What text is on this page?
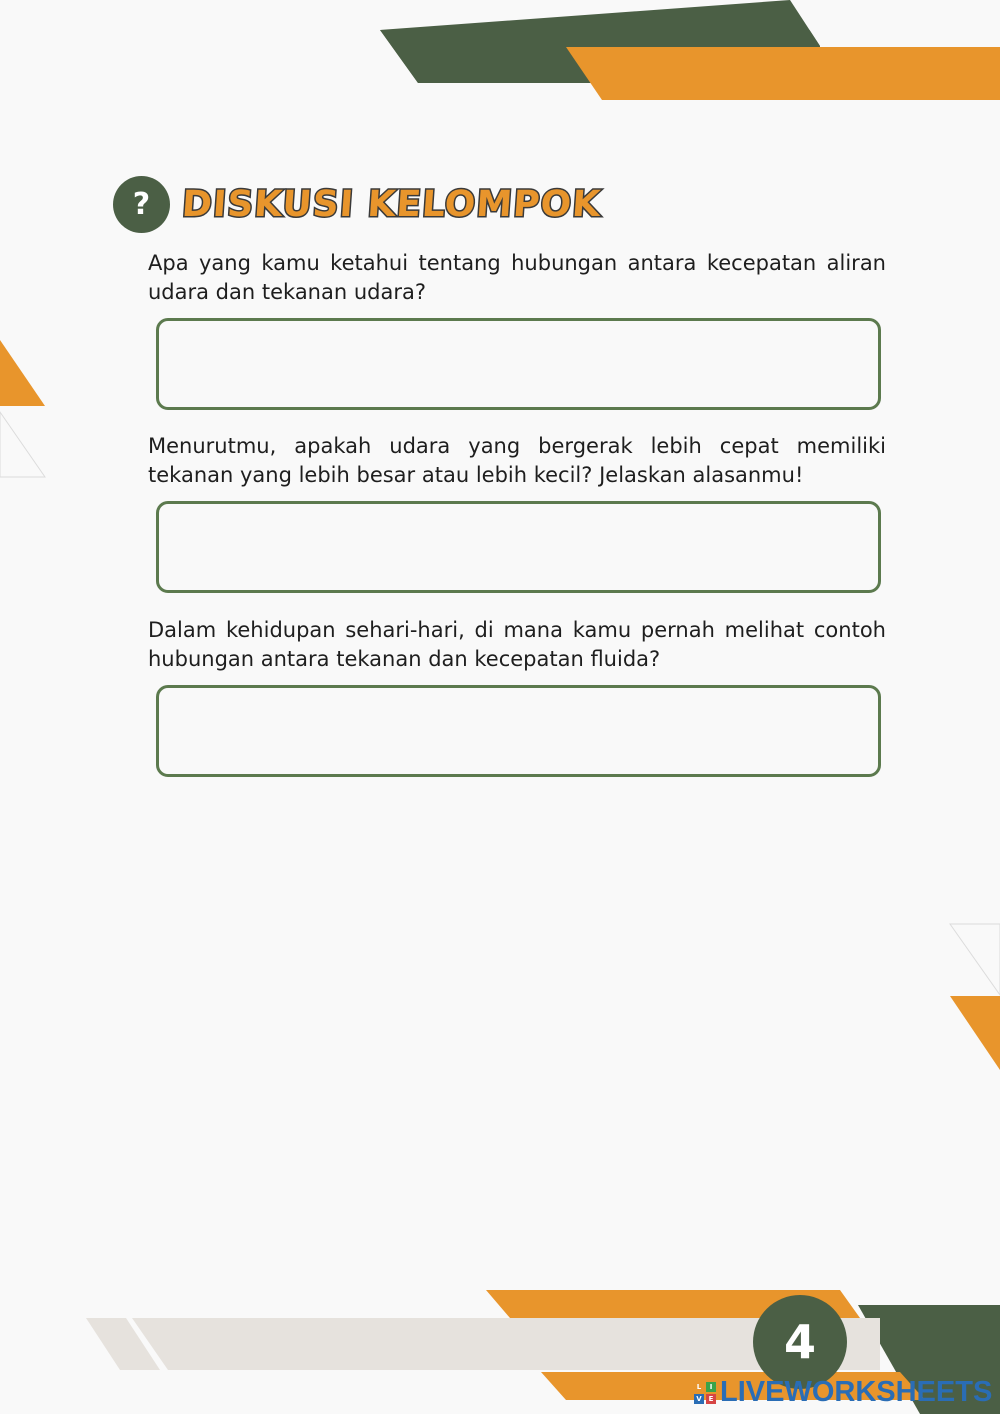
? DISKUSI KELOMPOK
Apa yang kamu ketahui tentang hubungan antara kecepatan aliran udara dan tekanan udara?
Menurutmu, apakah udara yang bergerak lebih cepat memiliki tekanan yang lebih besar atau lebih kecil? Jelaskan alasanmu!
Dalam kehidupan sehari-hari, di mana kamu pernah melihat contoh hubungan antara tekanan dan kecepatan fluida?
4
L	I
V E LIVEWORKSHEETS
